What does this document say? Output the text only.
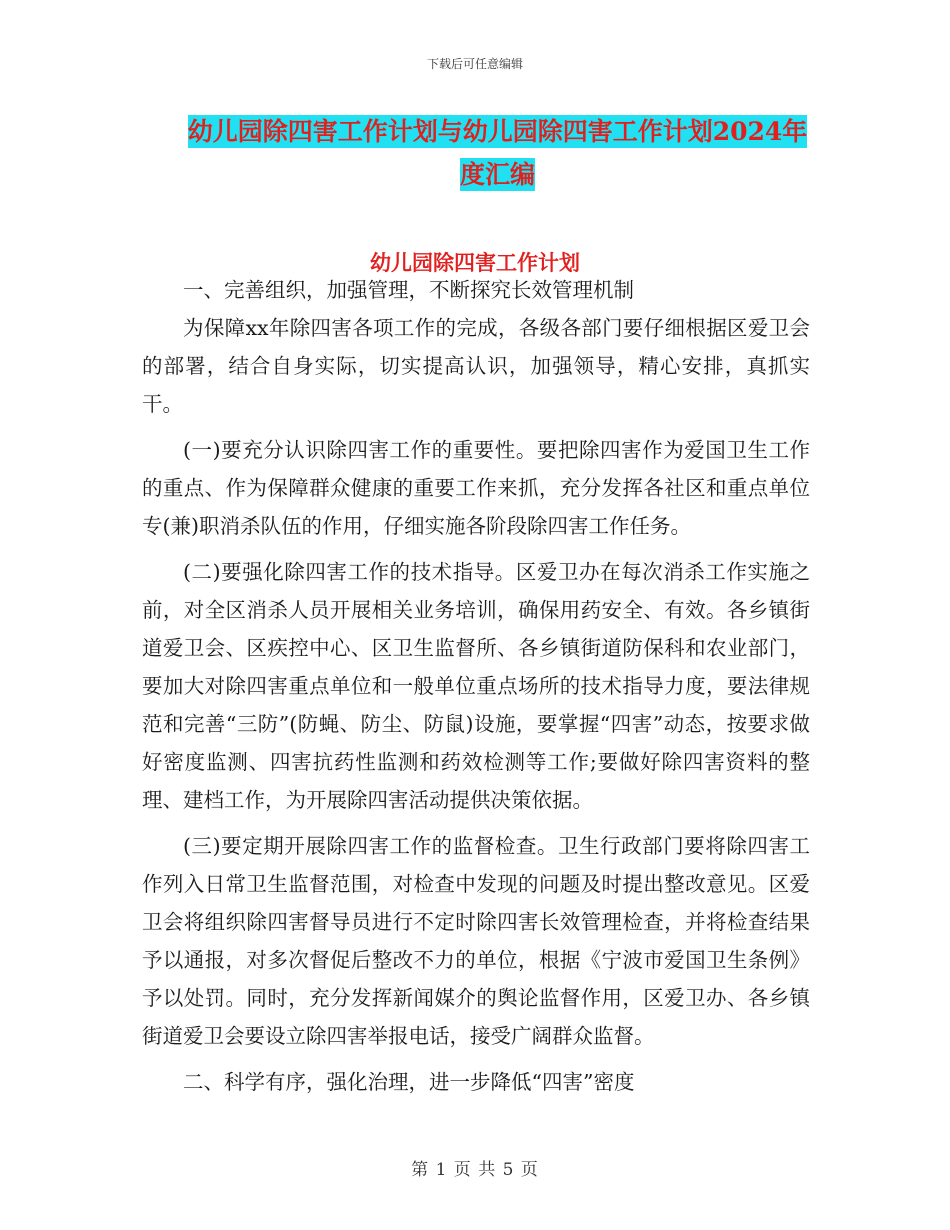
下载后可任意编辑
幼儿园除四害工作计划与幼儿园除四害工作计划2024年度汇编
幼儿园除四害工作计划

一、完善组织，加强管理，不断探究长效管理机制

为保障xx年除四害各项工作的完成，各级各部门要仔细根据区爱卫会的部署，结合自身实际，切实提高认识，加强领导，精心安排，真抓实干。

(一)要充分认识除四害工作的重要性。要把除四害作为爱国卫生工作的重点、作为保障群众健康的重要工作来抓，充分发挥各社区和重点单位专(兼)职消杀队伍的作用，仔细实施各阶段除四害工作任务。

(二)要强化除四害工作的技术指导。区爱卫办在每次消杀工作实施之前，对全区消杀人员开展相关业务培训，确保用药安全、有效。各乡镇街道爱卫会、区疾控中心、区卫生监督所、各乡镇街道防保科和农业部门，要加大对除四害重点单位和一般单位重点场所的技术指导力度，要法律规范和完善“三防”(防蝇、防尘、防鼠)设施，要掌握“四害”动态，按要求做好密度监测、四害抗药性监测和药效检测等工作;要做好除四害资料的整理、建档工作，为开展除四害活动提供决策依据。

(三)要定期开展除四害工作的监督检查。卫生行政部门要将除四害工作列入日常卫生监督范围，对检查中发现的问题及时提出整改意见。区爱卫会将组织除四害督导员进行不定时除四害长效管理检查，并将检查结果予以通报，对多次督促后整改不力的单位，根据《宁波市爱国卫生条例》予以处罚。同时，充分发挥新闻媒介的舆论监督作用，区爱卫办、各乡镇街道爱卫会要设立除四害举报电话，接受广阔群众监督。

二、科学有序，强化治理，进一步降低“四害”密度

第 1 页 共 5 页
